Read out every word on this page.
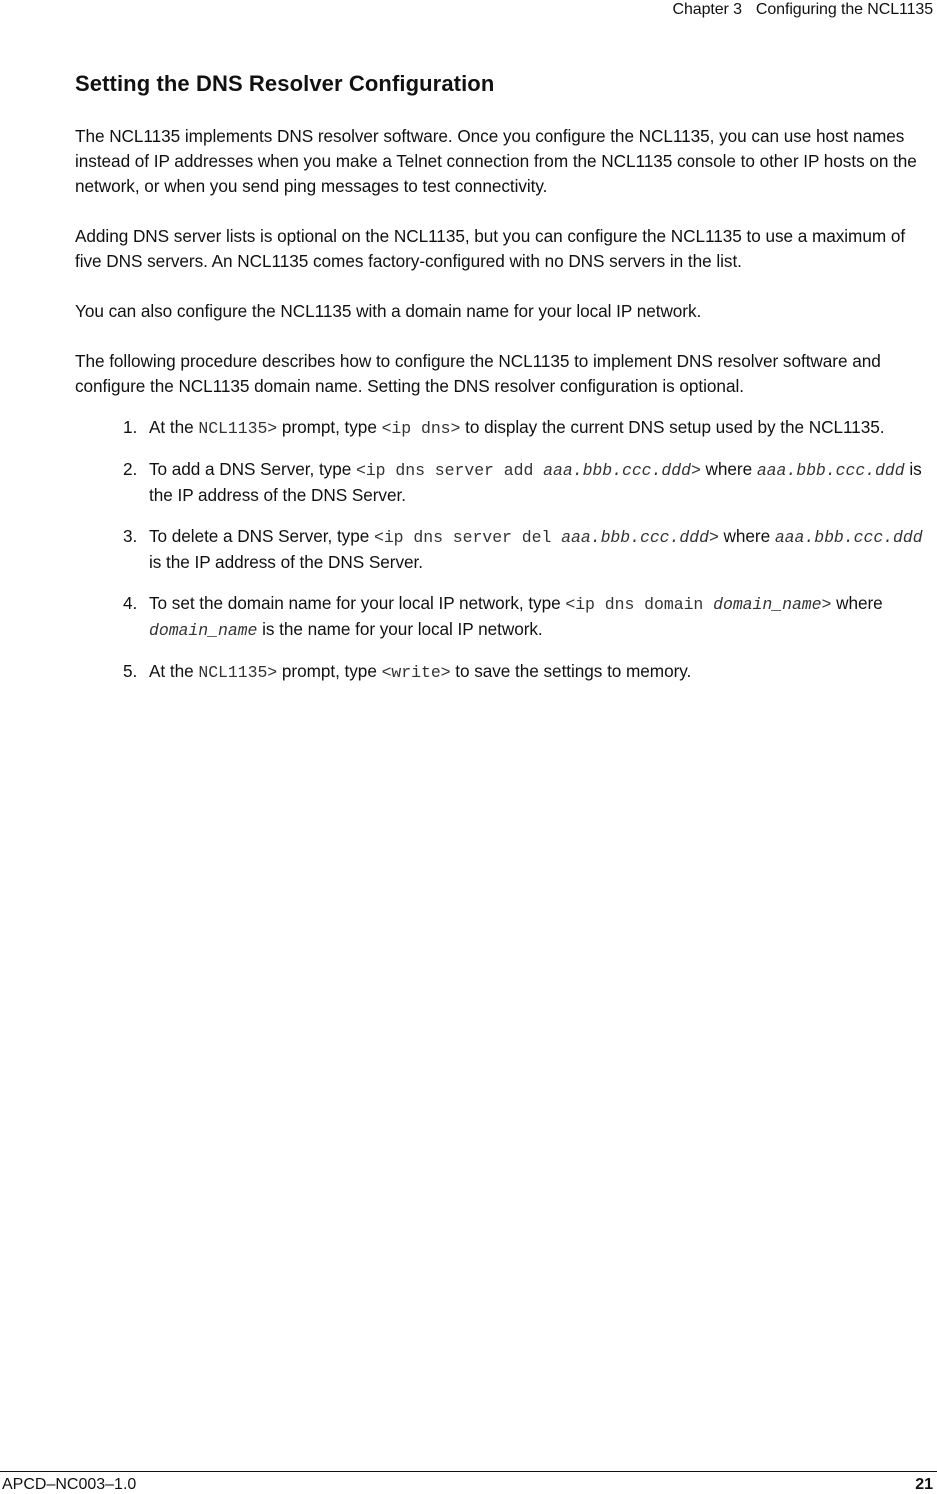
Chapter 3 Configuring the NCL1135
Setting the DNS Resolver Configuration

The NCL1135 implements DNS resolver software. Once you configure the NCL1135, you can use host names instead of IP addresses when you make a Telnet connection from the NCL1135 console to other IP hosts on the network, or when you send ping messages to test connectivity.

Adding DNS server lists is optional on the NCL1135, but you can configure the NCL1135 to use a maximum of five DNS servers. An NCL1135 comes factory-configured with no DNS servers in the list.

You can also configure the NCL1135 with a domain name for your local IP network.

The following procedure describes how to configure the NCL1135 to implement DNS resolver software and configure the NCL1135 domain name. Setting the DNS resolver configuration is optional.

1. At the NCL1135> prompt, type <ip dns> to display the current DNS setup used by the NCL1135.
2. To add a DNS Server, type <ip dns server add aaa.bbb.ccc.ddd> where aaa.bbb.ccc.ddd is the IP address of the DNS Server.
3. To delete a DNS Server, type <ip dns server del aaa.bbb.ccc.ddd> where aaa.bbb.ccc.ddd is the IP address of the DNS Server.
4. To set the domain name for your local IP network, type <ip dns domain domain_name> where domain_name is the name for your local IP network.
5. At the NCL1135> prompt, type <write> to save the settings to memory.
APCD–NC003–1.0	21
